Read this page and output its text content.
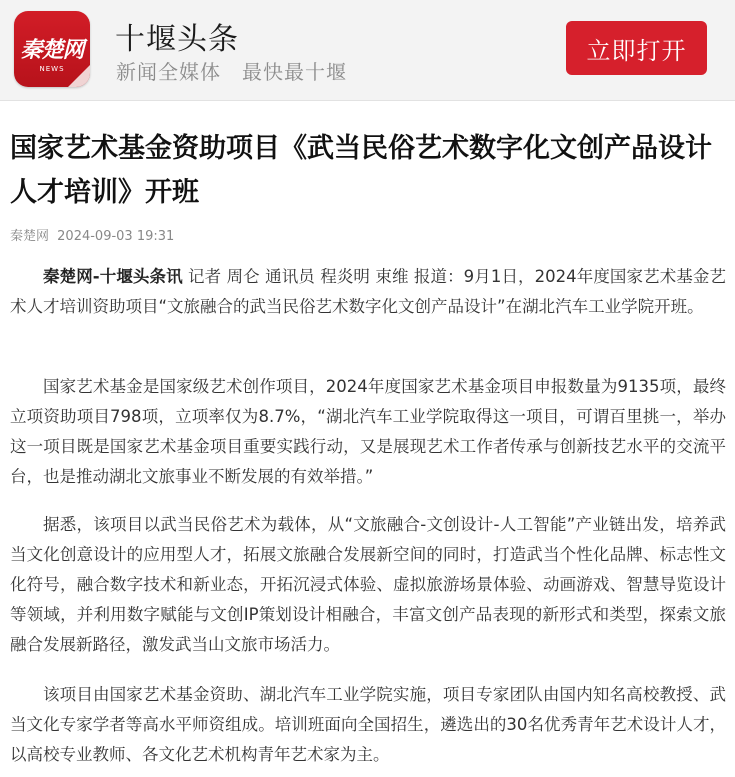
秦楚网
NEWS
十堰头条
新闻全媒体　最快最十堰
立即打开
国家艺术基金资助项目《武当民俗艺术数字化文创产品设计人才培训》开班
秦楚网 2024-09-03 19:31

秦楚网-十堰头条讯 记者 周仑 通讯员 程炎明 束维 报道：9月1日，2024年度国家艺术基金艺术人才培训资助项目“文旅融合的武当民俗艺术数字化文创产品设计”在湖北汽车工业学院开班。

国家艺术基金是国家级艺术创作项目，2024年度国家艺术基金项目申报数量为9135项，最终立项资助项目798项，立项率仅为8.7%，“湖北汽车工业学院取得这一项目，可谓百里挑一，举办这一项目既是国家艺术基金项目重要实践行动，又是展现艺术工作者传承与创新技艺水平的交流平台，也是推动湖北文旅事业不断发展的有效举措。”

据悉，该项目以武当民俗艺术为载体，从“文旅融合-文创设计-人工智能”产业链出发，培养武当文化创意设计的应用型人才，拓展文旅融合发展新空间的同时，打造武当个性化品牌、标志性文化符号，融合数字技术和新业态，开拓沉浸式体验、虚拟旅游场景体验、动画游戏、智慧导览设计等领域，并利用数字赋能与文创IP策划设计相融合，丰富文创产品表现的新形式和类型，探索文旅融合发展新路径，激发武当山文旅市场活力。

该项目由国家艺术基金资助、湖北汽车工业学院实施，项目专家团队由国内知名高校教授、武当文化专家学者等高水平师资组成。培训班面向全国招生，遴选出的30名优秀青年艺术设计人才，以高校专业教师、各文化艺术机构青年艺术家为主。
